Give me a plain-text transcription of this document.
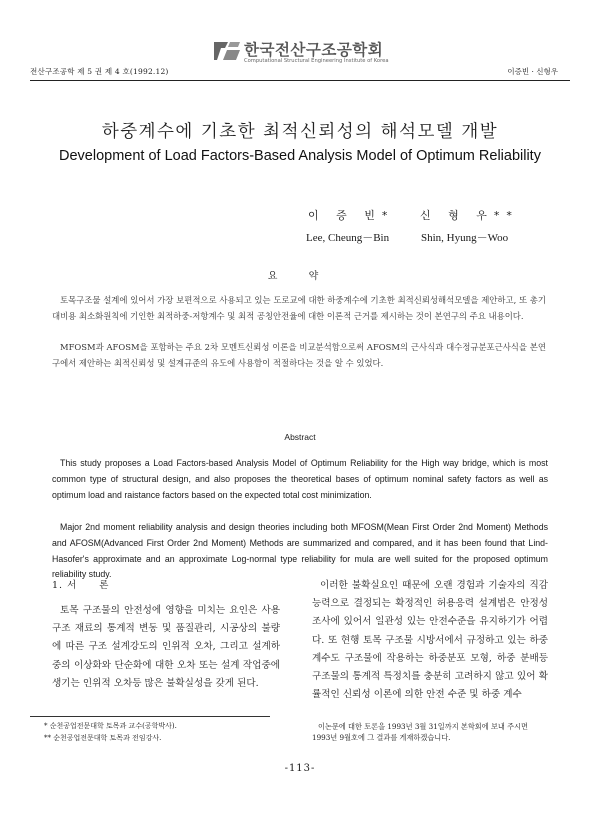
전산구조공학 제 5 권 제 4 호(1992.12)
한국전산구조공학회
Computational Structural Engineering Institute of Korea
이증빈 · 신형우
하중계수에 기초한 최적신뢰성의 해석모델 개발
Development of Load Factors-Based Analysis Model of Optimum Reliability
이 증 빈* 신 형 우**
Lee, Cheung－Bin	Shin, Hyung－Woo
요 약
토목구조물 설계에 있어서 가장 보편적으로 사용되고 있는 도로교에 대한 하중계수에 기초한 최적신뢰성해석모델을 제안하고, 또 총기대비용 최소화원칙에 기인한 최적하중-저항계수 및 최적 공칭안전율에 대한 이론적 근거를 제시하는 것이 본연구의 주요 내용이다.
MFOSM과 AFOSM을 포함하는 주요 2차 모멘트신뢰성 이론을 비교분석함으로써 AFOSM의 근사식과 대수정규분포근사식을 본연구에서 제안하는 최적신뢰성 및 설계규준의 유도에 사용함이 적절하다는 것을 알 수 있었다.
Abstract
This study proposes a Load Factors-based Analysis Model of Optimum Reliability for the High way bridge, which is most common type of structural design, and also proposes the theoretical bases of optimum nominal safety factors as well as optimum load and raistance factors based on the expected total cost minimization.
Major 2nd moment reliability analysis and design theories including both MFOSM(Mean First Order 2nd Moment) Methods and AFOSM(Advanced First Order 2nd Moment) Methods are summarized and compared, and it has been found that Lind-Hasofer's approximate and an approximate Log-normal type reliability for mula are well suited for the proposed optimum reliability study.
1. 서 론
토목 구조물의 안전성에 영향을 미치는 요인은 사용 구조 재료의 통계적 변동 및 품질관리, 시공상의 불량에 따른 구조 설계강도의 인위적 오차, 그리고 설계하중의 이상화와 단순화에 대한 오차 또는 설계 작업중에 생기는 인위적 오차등 많은 불확실성을 갖게 된다.
이러한 불확실요인 때문에 오랜 경험과 기술자의 직감 능력으로 결정되는 확정적인 허용응력 설계법은 안정성 조사에 있어서 일관성 있는 안전수준을 유지하기가 어렵다. 또 현행 토목 구조물 시방서에서 규정하고 있는 하중계수도 구조물에 작용하는 하중분포 모형, 하중 분배등 구조물의 통계적 특정치를 충분히 고려하지 않고 있어 확률적인 신뢰성 이론에 의한 안전 수준 및 하중 계수
* 순천공업전문대학 토목과 교수(공학박사).
** 순천공업전문대학 토목과 전임강사.
이논문에 대한 토론을 1993년 3월 31일까지 본학회에 보내 주시면 1993년 9월호에 그 결과를 게재하겠습니다.
-113-
